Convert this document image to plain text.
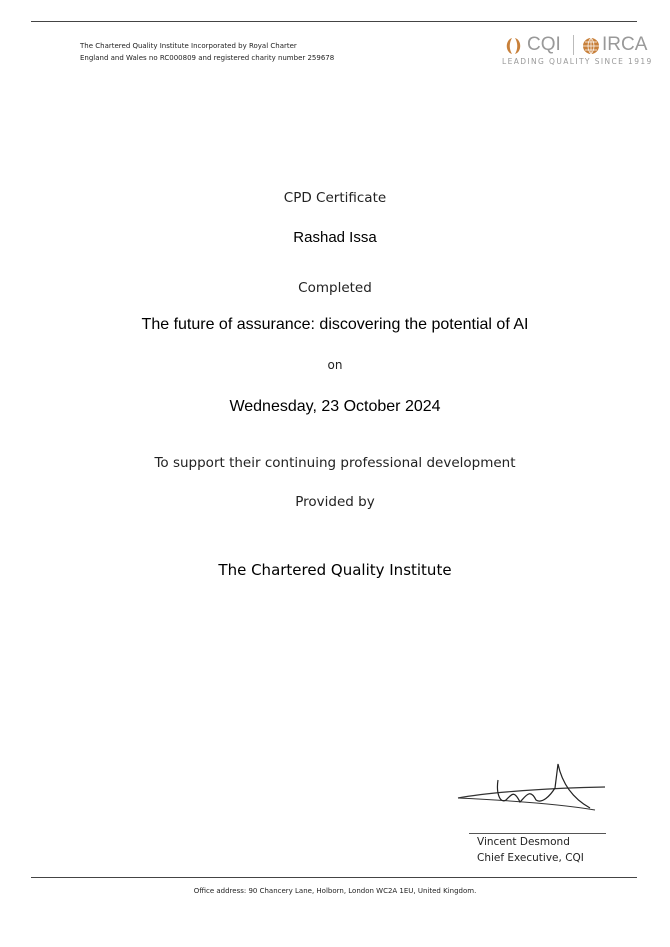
The Chartered Quality Institute Incorporated by Royal Charter
England and Wales no RC000809 and registered charity number 259678
CQI IRCA
LEADING QUALITY SINCE 1919
CPD Certificate
Rashad Issa
Completed
The future of assurance: discovering the potential of AI
on
Wednesday, 23 October 2024
To support their continuing professional development
Provided by
The Chartered Quality Institute
Vincent Desmond
Chief Executive, CQI
Office address: 90 Chancery Lane, Holborn, London WC2A 1EU, United Kingdom.
